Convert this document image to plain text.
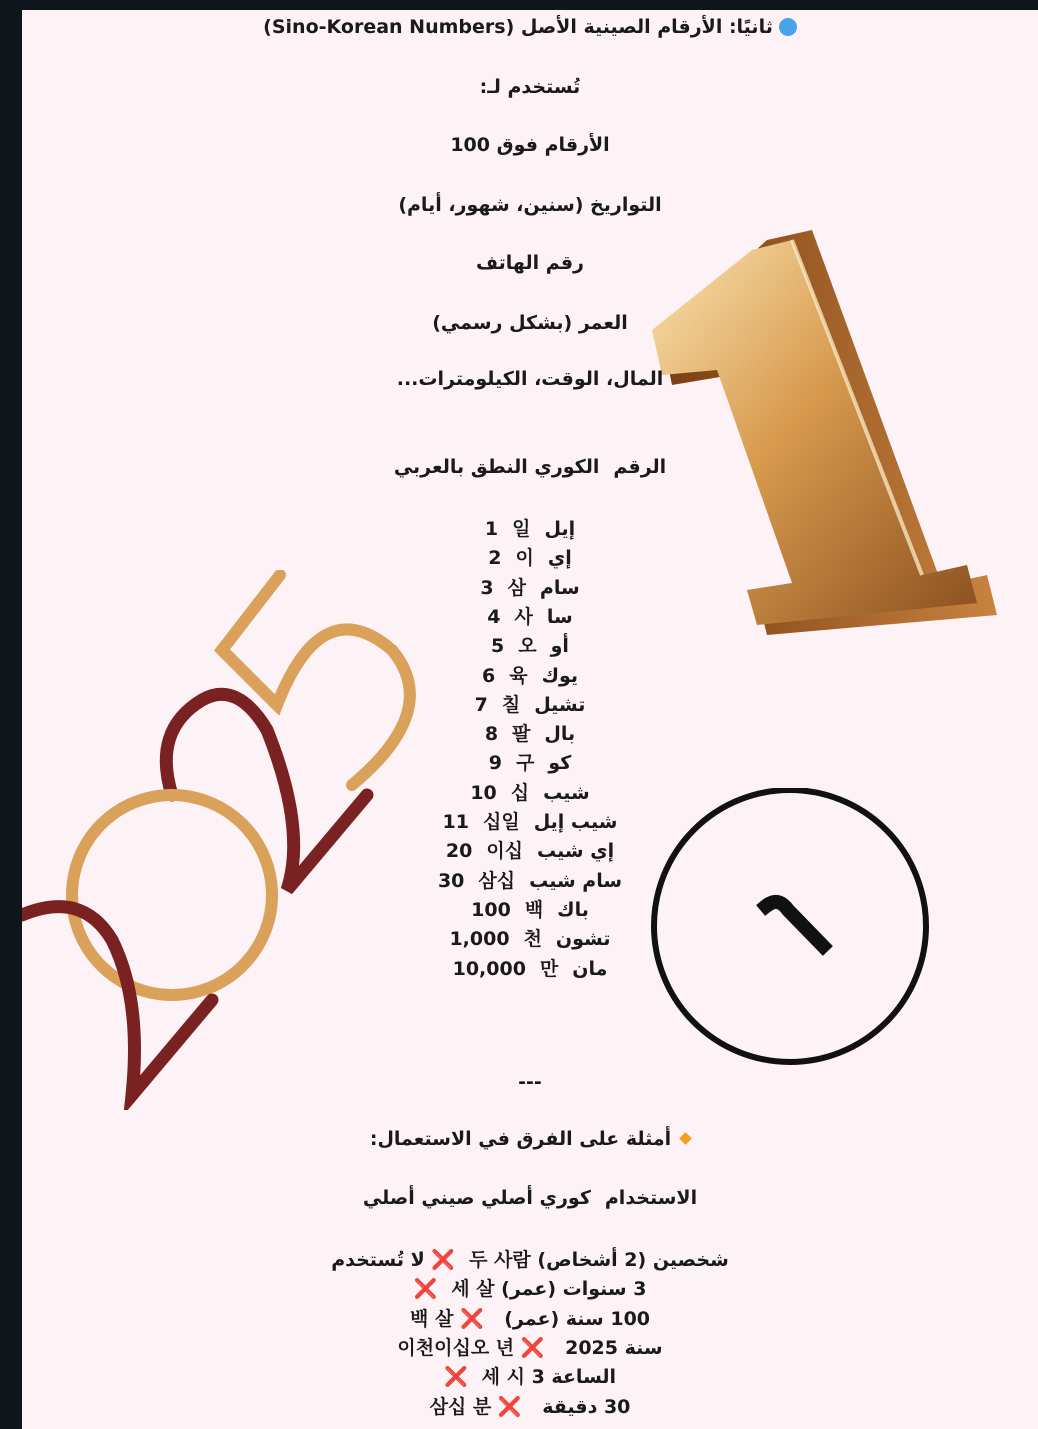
ثانيًا: الأرقام الصينية الأصل (Sino-Korean Numbers)
تُستخدم لـ:
الأرقام فوق 100
التواريخ (سنين، شهور، أيام)
رقم الهاتف
العمر (بشكل رسمي)
المال، الوقت، الكيلومترات...
الرقمالكوري النطق بالعربي
1 일 إيل
2 이 إي
3 삼 سام
4 사 سا
5 오 أو
6 육 يوك
7 칠 تشيل
8 팔 بال
9 구 كو
10 십 شيب
11 십일 شيب إيل
20 이십 إي شيب
30 삼십 سام شيب
100 백 باك
1,000 천 تشون
10,000 만 مان
---
أمثلة على الفرق في الاستعمال:
الاستخدامكوري أصلي صيني أصلي
شخصين (2 أشخاص) 두 사람❌ لا تُستخدم
3 سنوات (عمر) 세 살❌
100 سنة (عمر) ❌ 백 살
سنة 2025 ❌ 이천이십오 년
الساعة 3 세 시❌
30 دقيقة ❌ 삼십 분
